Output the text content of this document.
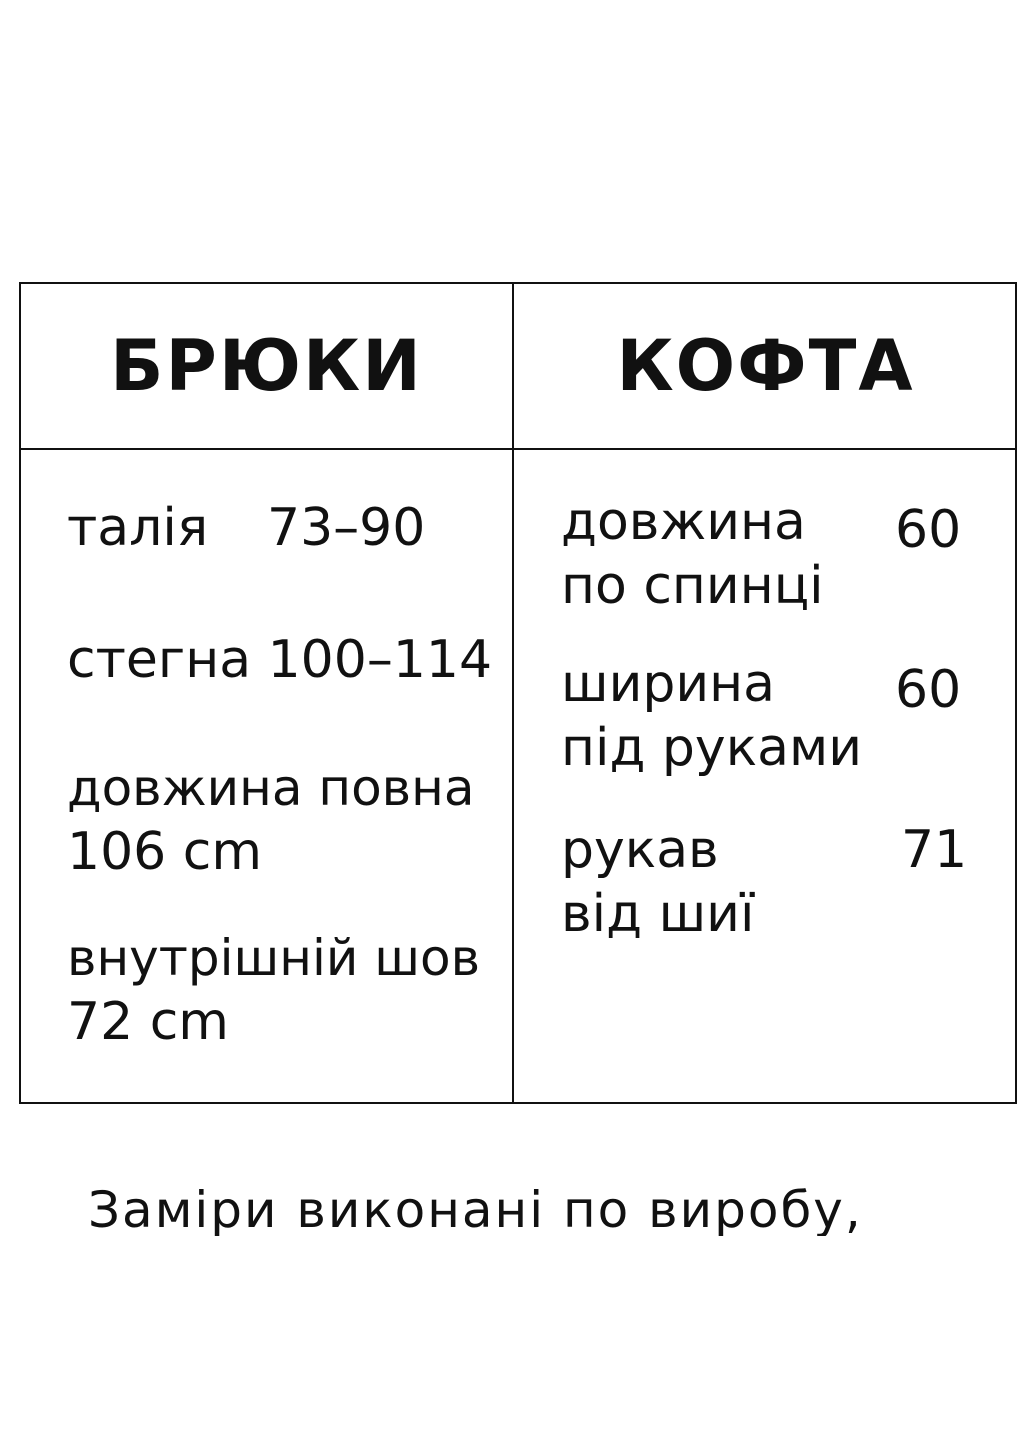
БРЮКИ	КОФТА
талія 73–90
стегна 100–114
довжина повна
106 cm
внутрішній шов
72 cm
довжина
по спинці
60
ширина
під руками
60
рукав
від шиї
71
Заміри виконані по виробу,
